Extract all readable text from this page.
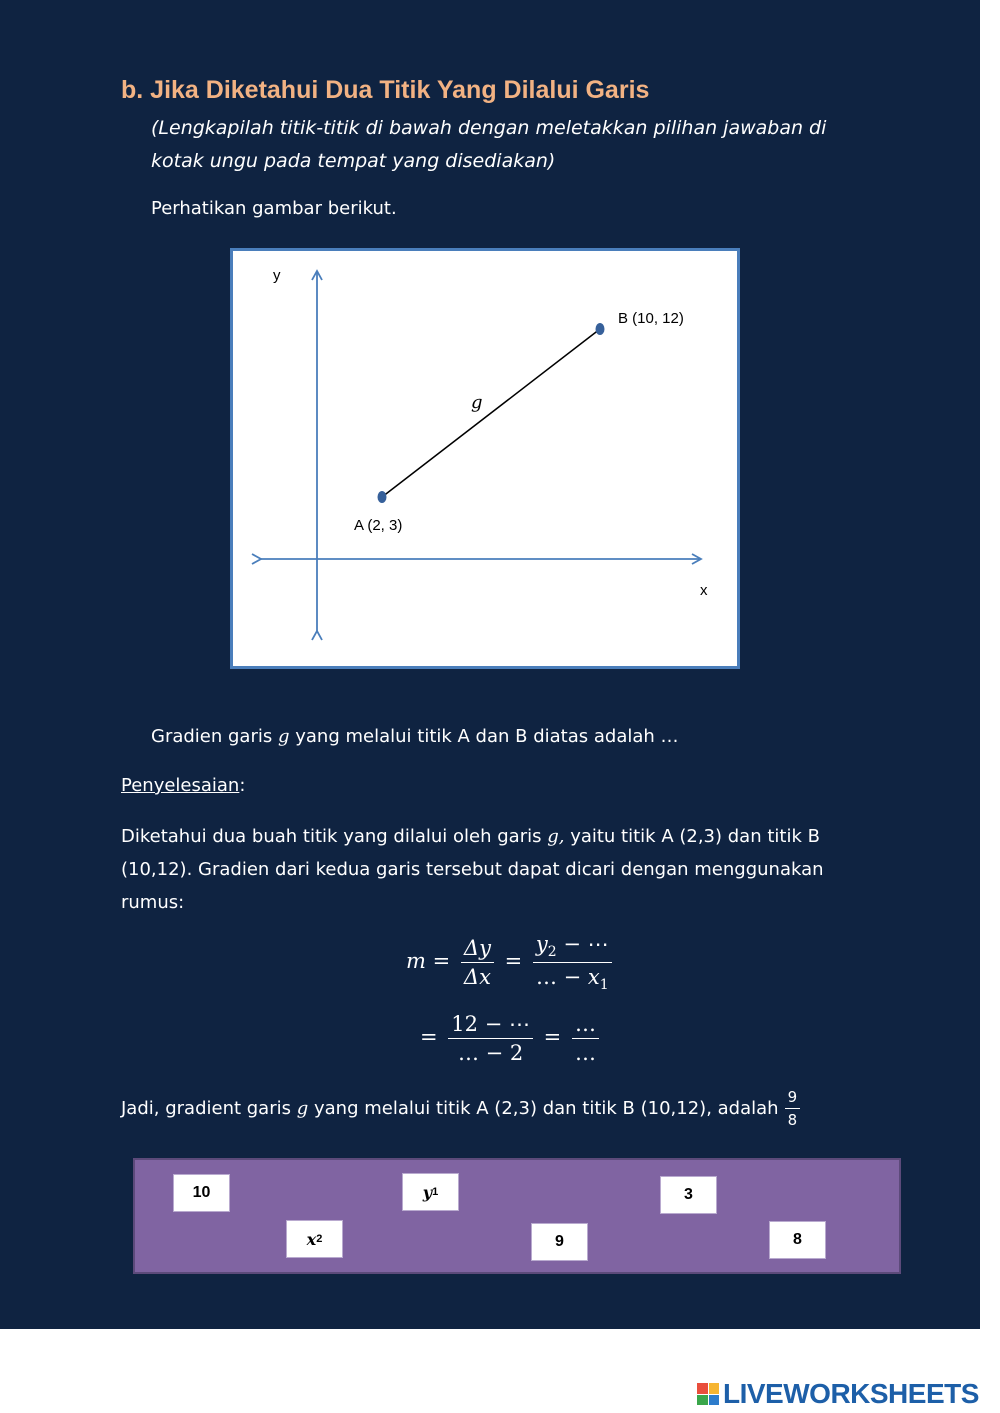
b. Jika Diketahui Dua Titik Yang Dilalui Garis
(Lengkapilah titik-titik di bawah dengan meletakkan pilihan jawaban di kotak ungu pada tempat yang disediakan)
Perhatikan gambar berikut.
y
x
A (2, 3)
B (10, 12)
g
Gradien garis g yang melalui titik A dan B diatas adalah …
Penyelesaian:
Diketahui dua buah titik yang dilalui oleh garis g, yaitu titik A (2,3) dan titik B (10,12). Gradien dari kedua garis tersebut dapat dicari dengan menggunakan rumus:
$m = \frac{\Delta y}{\Delta x} = \frac{y_2 - \cdots}{\dots - x_1}$
= $\frac{12 - \cdots}{\dots - 2} = \frac{\dots}{\dots}$
Jadi, gradient garis
g
yang melalui titik A (2,3) dan titik B (10,12), adalah $\frac{9}{8}$
10	y 1	3
x 2	9	8
LIVEWORKSHEETS
